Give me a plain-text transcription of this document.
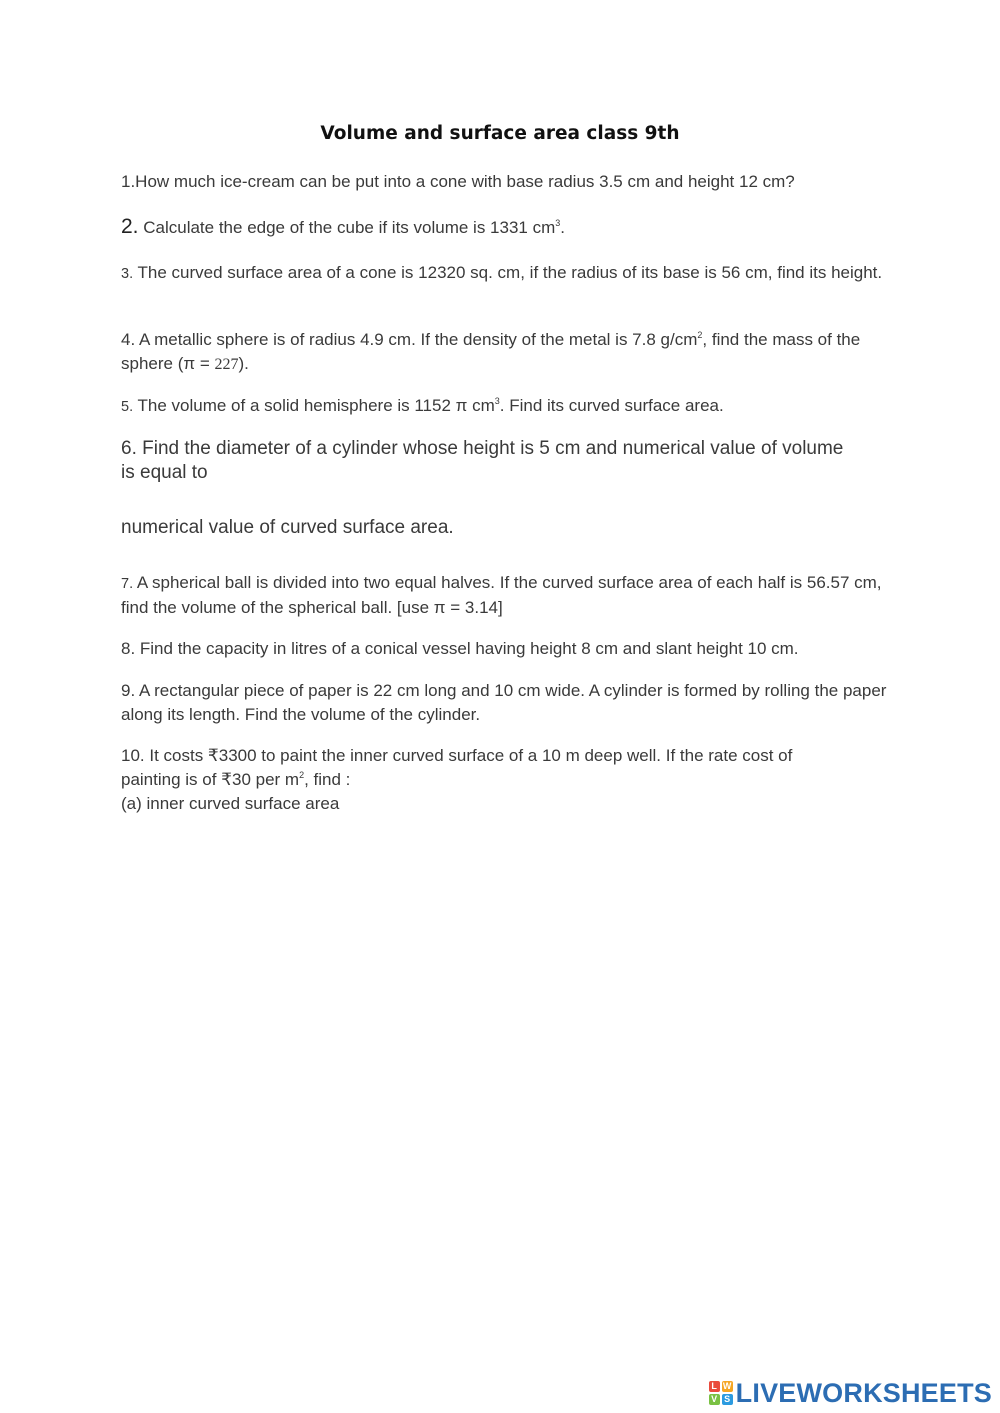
Volume and surface area class 9th
1.How much ice-cream can be put into a cone with base radius 3.5 cm and height 12 cm?
2. Calculate the edge of the cube if its volume is 1331 $cm^3$.
3. The curved surface area of a cone is 12320 sq. cm, if the radius of its base is 56 cm, find its height.
4. A metallic sphere is of radius 4.9 cm. If the density of the metal is 7.8 $g/cm^2$, find the mass of the sphere (π = 227).
5. The volume of a solid hemisphere is 1152 π $cm^3$. Find its curved surface area.
6. Find the diameter of a cylinder whose height is 5 cm and numerical value of volume is equal to
numerical value of curved surface area.
7. A spherical ball is divided into two equal halves. If the curved surface area of each half is 56.57 cm, find the volume of the spherical ball. [use π = 3.14]
8. Find the capacity in litres of a conical vessel having height 8 cm and slant height 10 cm.
9. A rectangular piece of paper is 22 cm long and 10 cm wide. A cylinder is formed by rolling the paper along its length. Find the volume of the cylinder.
10. It costs ₹3300 to paint the inner curved surface of a 10 m deep well. If the rate cost of
painting is of ₹30 per $m^2$, find :
(a) inner curved surface area
L W
V S LIVEWORKSHEETS
